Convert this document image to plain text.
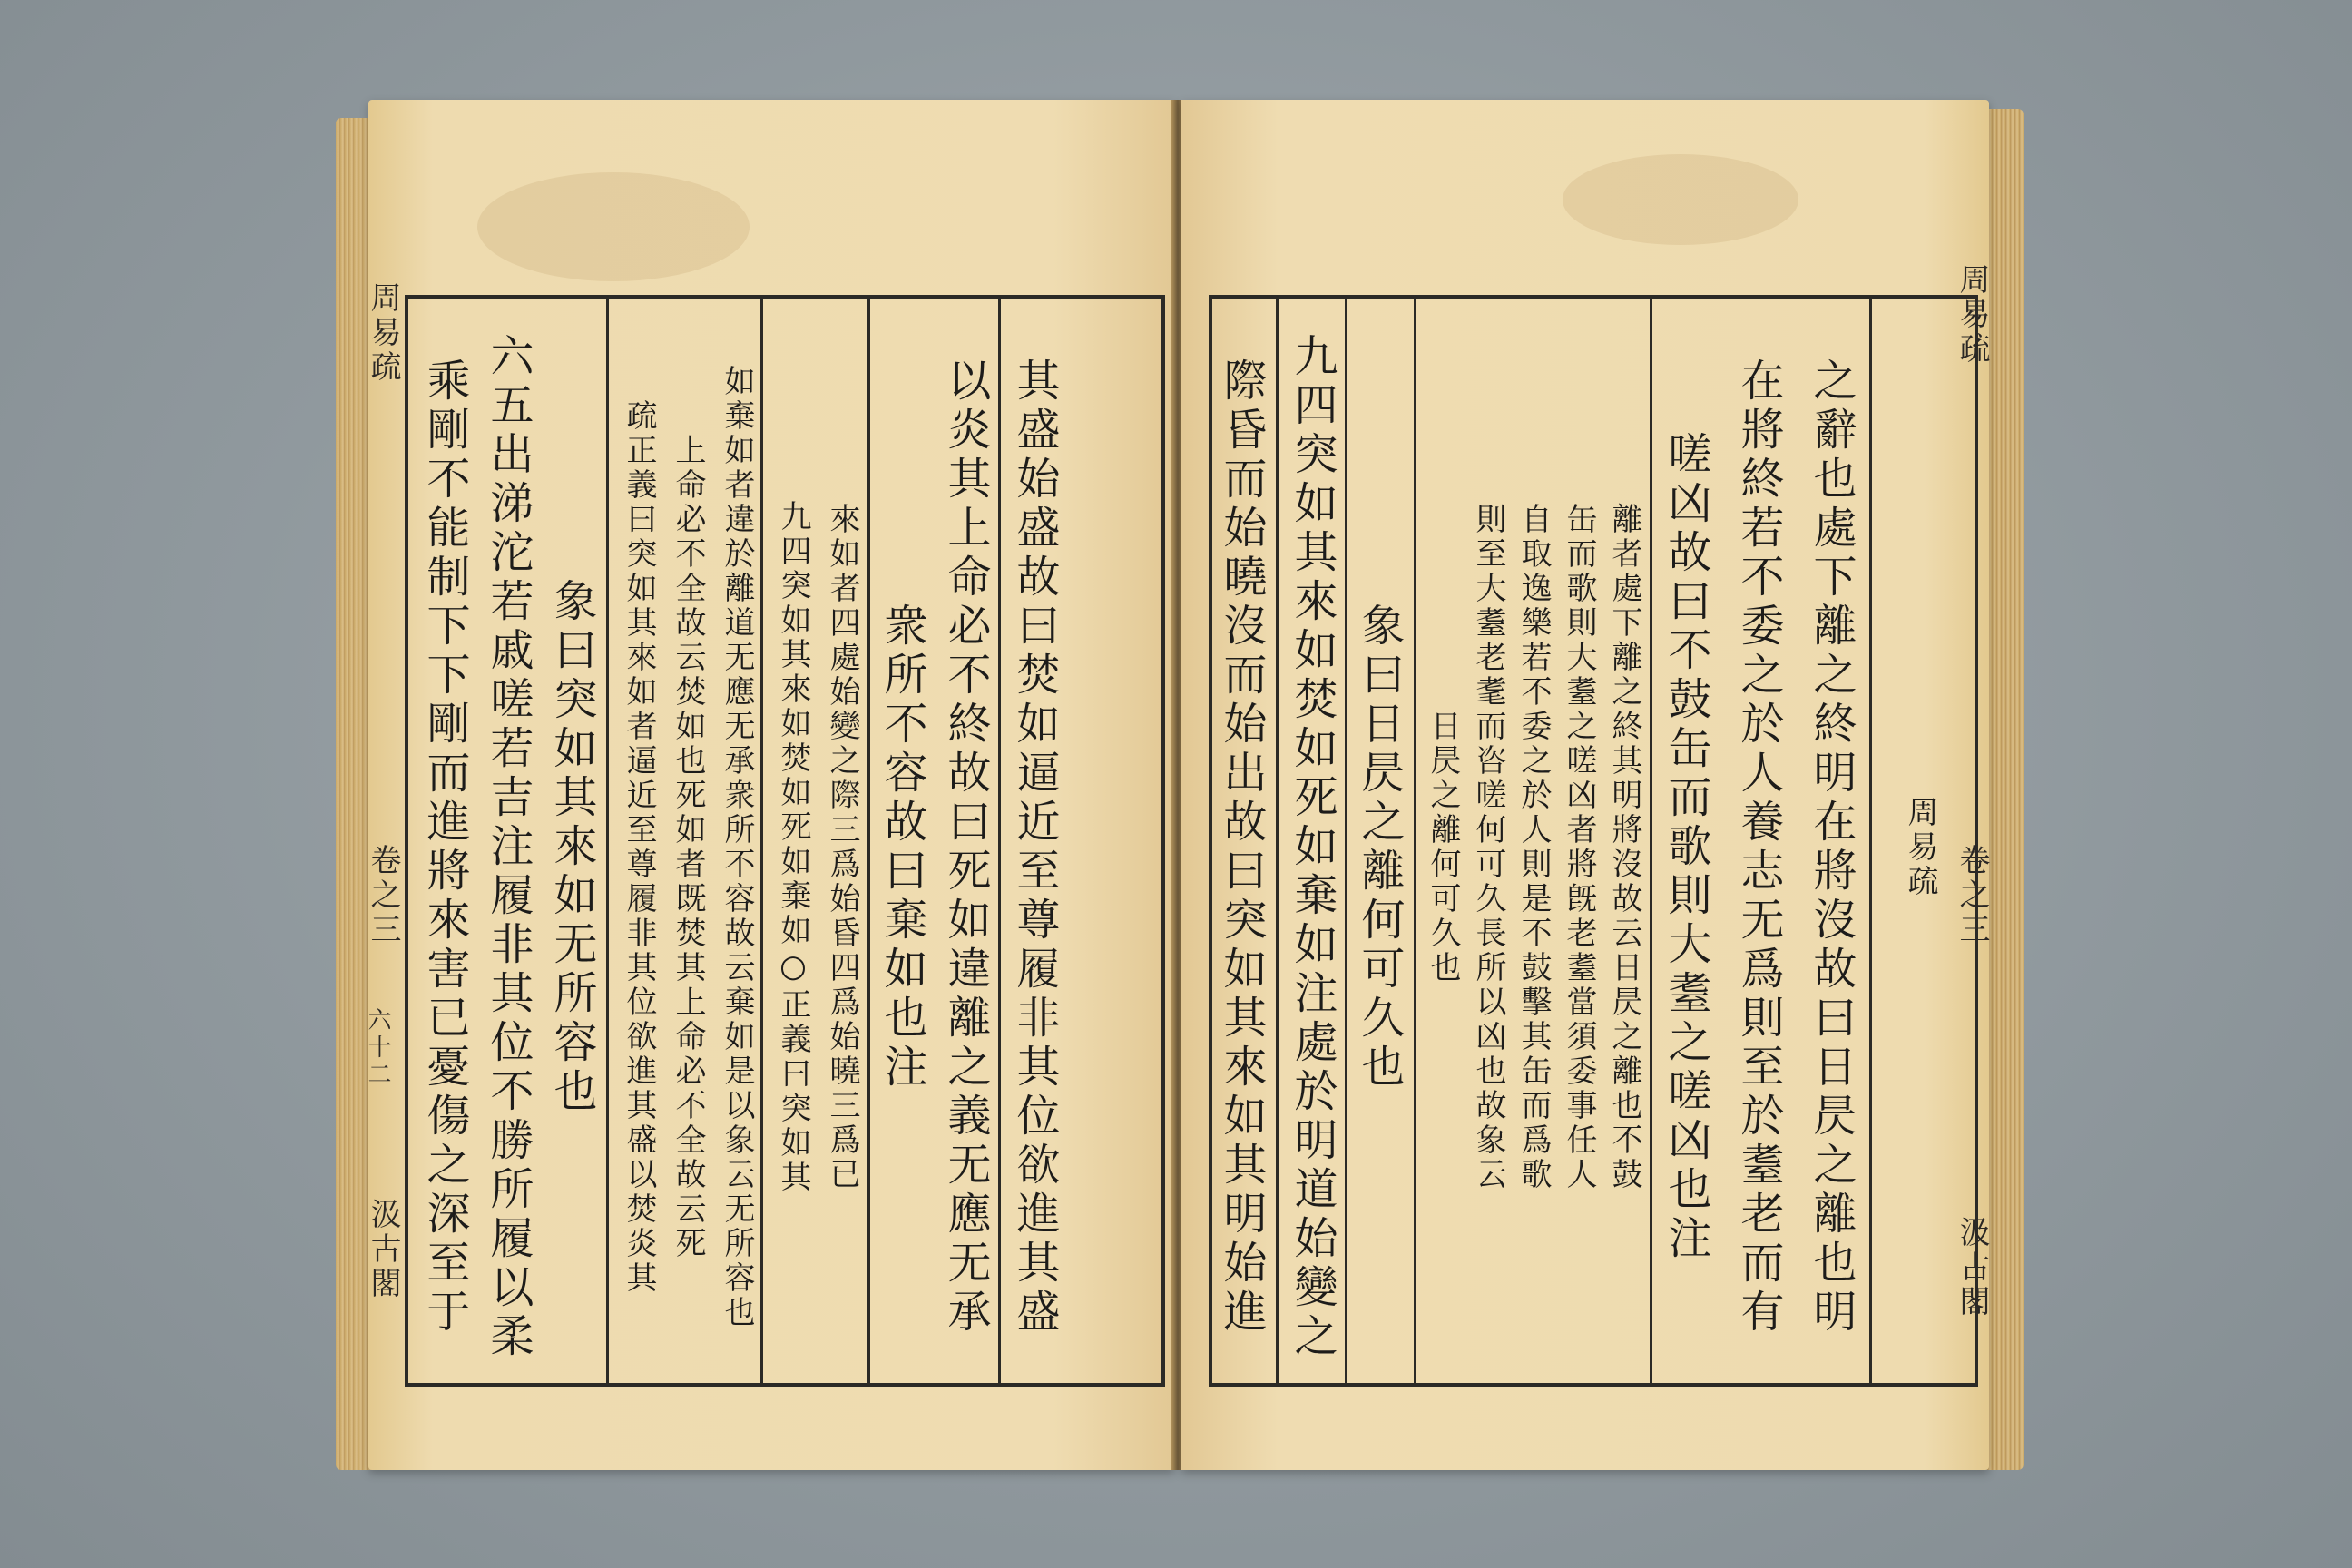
乘剛不能制下下剛而進將來害已憂傷之深至于 六五出涕沱若戚嗟若吉注履非其位不勝所履以柔 象曰突如其來如无所容也 疏正義曰突如其來如者逼近至尊履非其位欲進其盛以焚炎其 上命必不全故云焚如也死如者既焚其上命必不全故云死 如棄如者違於離道无應无承衆所不容故云棄如是以象云无所容也 九四突如其來如焚如死如棄如○正義曰突如其 來如者四處始變之際三爲始昏四爲始曉三爲已 衆所不容故曰棄如也注 以炎其上命必不終故曰死如違離之義无應无承 其盛始盛故曰焚如逼近至尊履非其位欲進其盛
周易疏
卷之三
六十二
汲古閣	際昏而始曉沒而始出故曰突如其來如其明始進 九四突如其來如焚如死如棄如注處於明道始變之 象曰日昃之離何可久也 日昃之離何可久也 則至大耋老耄而咨嗟何可久長所以凶也故象云 自取逸樂若不委之於人則是不鼓擊其缶而爲歌 缶而歌則大耋之嗟凶者將旣老耋當須委事任人 離者處下離之終其明將沒故云日昃之離也不鼓 嗟凶故曰不鼓缶而歌則大耋之嗟凶也注 在將終若不委之於人養志无爲則至於耋老而有 之辭也處下離之終明在將沒故曰日昃之離也明	周易疏
周易疏
卷之三
汲古閣
